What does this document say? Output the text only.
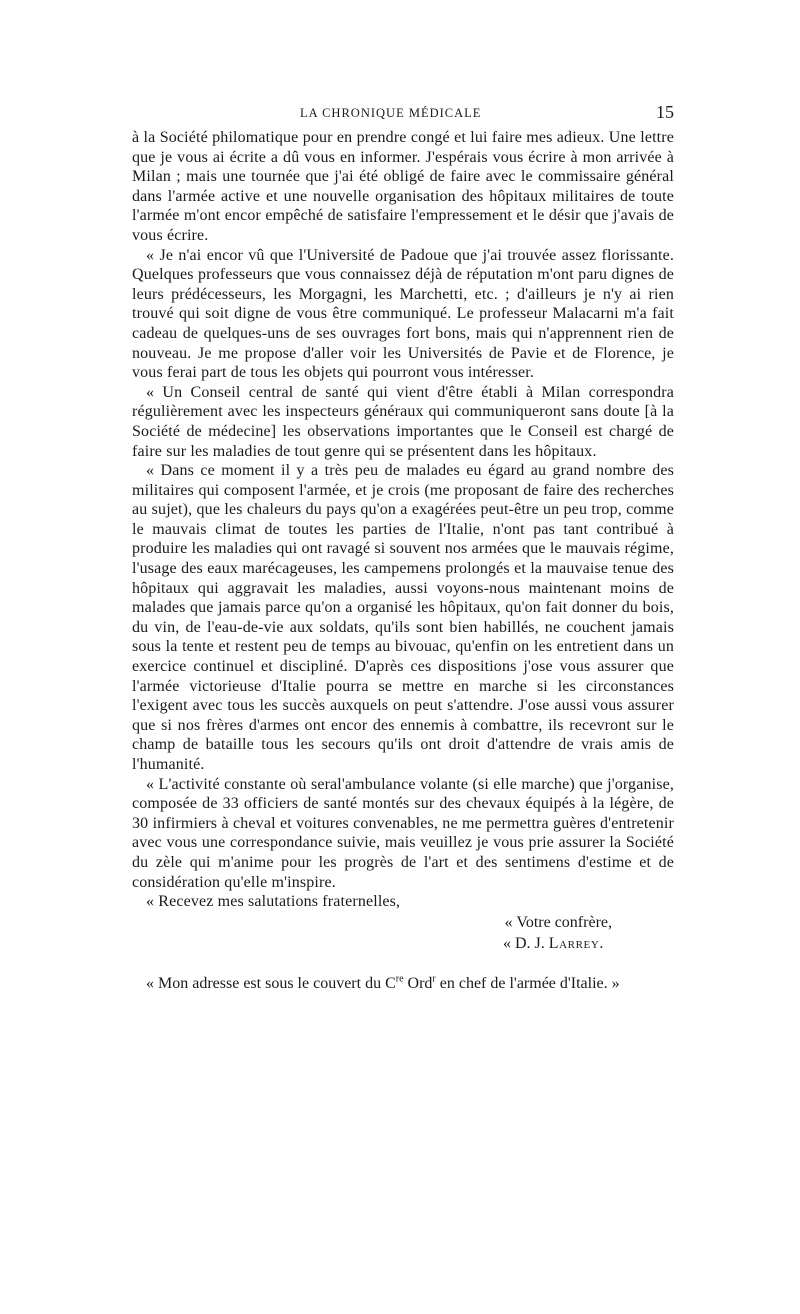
LA CHRONIQUE MÉDICALE	15

à la Société philomatique pour en prendre congé et lui faire mes adieux. Une lettre que je vous ai écrite a dû vous en informer. J'espérais vous écrire à mon arrivée à Milan ; mais une tournée que j'ai été obligé de faire avec le commissaire général dans l'armée active et une nouvelle organisation des hôpitaux militaires de toute l'armée m'ont encor empêché de satisfaire l'empressement et le désir que j'avais de vous écrire.

« Je n'ai encor vû que l'Université de Padoue que j'ai trouvée assez florissante. Quelques professeurs que vous connaissez déjà de réputation m'ont paru dignes de leurs prédécesseurs, les Morgagni, les Marchetti, etc. ; d'ailleurs je n'y ai rien trouvé qui soit digne de vous être communiqué. Le professeur Malacarni m'a fait cadeau de quelques-uns de ses ouvrages fort bons, mais qui n'apprennent rien de nouveau. Je me propose d'aller voir les Universités de Pavie et de Florence, je vous ferai part de tous les objets qui pourront vous intéresser.

« Un Conseil central de santé qui vient d'être établi à Milan correspondra régulièrement avec les inspecteurs généraux qui communiqueront sans doute [à la Société de médecine] les observations importantes que le Conseil est chargé de faire sur les maladies de tout genre qui se présentent dans les hôpitaux.

« Dans ce moment il y a très peu de malades eu égard au grand nombre des militaires qui composent l'armée, et je crois (me proposant de faire des recherches au sujet), que les chaleurs du pays qu'on a exagérées peut-être un peu trop, comme le mauvais climat de toutes les parties de l'Italie, n'ont pas tant contribué à produire les maladies qui ont ravagé si souvent nos armées que le mauvais régime, l'usage des eaux marécageuses, les campemens prolongés et la mauvaise tenue des hôpitaux qui aggravait les maladies, aussi voyons-nous maintenant moins de malades que jamais parce qu'on a organisé les hôpitaux, qu'on fait donner du bois, du vin, de l'eau-de-vie aux soldats, qu'ils sont bien habillés, ne couchent jamais sous la tente et restent peu de temps au bivouac, qu'enfin on les entretient dans un exercice continuel et discipliné. D'après ces dispositions j'ose vous assurer que l'armée victorieuse d'Italie pourra se mettre en marche si les circonstances l'exigent avec tous les succès auxquels on peut s'attendre. J'ose aussi vous assurer que si nos frères d'armes ont encor des ennemis à combattre, ils recevront sur le champ de bataille tous les secours qu'ils ont droit d'attendre de vrais amis de l'humanité.

« L'activité constante où seral'ambulance volante (si elle marche) que j'organise, composée de 33 officiers de santé montés sur des chevaux équipés à la légère, de 30 infirmiers à cheval et voitures convenables, ne me permettra guères d'entretenir avec vous une correspondance suivie, mais veuillez je vous prie assurer la Société du zèle qui m'anime pour les progrès de l'art et des sentimens d'estime et de considération qu'elle m'inspire.

« Recevez mes salutations fraternelles,

« Votre confrère,
« D. J. Larrey.

« Mon adresse est sous le couvert du Cre Ord$^r$ en chef de l'armée d'Italie. »
